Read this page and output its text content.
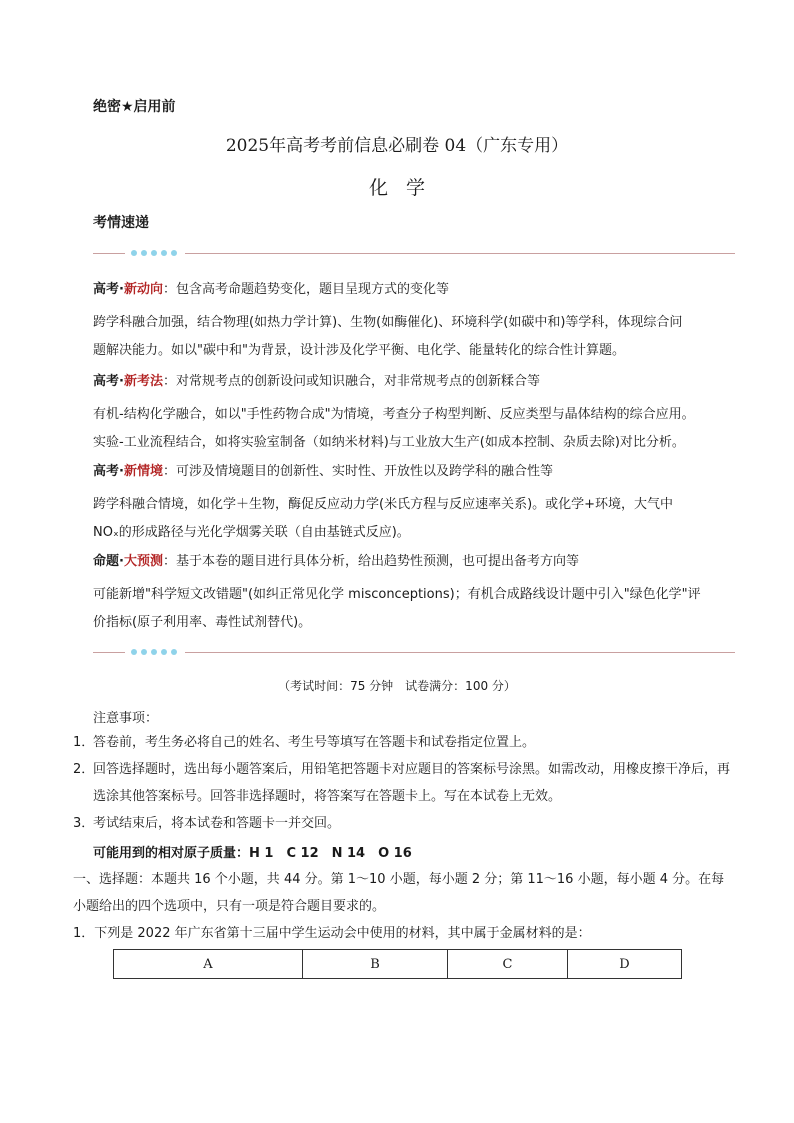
绝密★启用前
2025年高考考前信息必刷卷 04（广东专用）
化学
考情速递
高考·新动向：包含高考命题趋势变化，题目呈现方式的变化等
跨学科融合加强，结合物理(如热力学计算)、生物(如酶催化)、环境科学(如碳中和)等学科，体现综合问
题解决能力。如以"碳中和"为背景，设计涉及化学平衡、电化学、能量转化的综合性计算题。
高考·新考法：对常规考点的创新设问或知识融合，对非常规考点的创新糅合等
有机-结构化学融合，如以"手性药物合成"为情境，考查分子构型判断、反应类型与晶体结构的综合应用。
实验-工业流程结合，如将实验室制备（如纳米材料)与工业放大生产(如成本控制、杂质去除)对比分析。
高考·新情境：可涉及情境题目的创新性、实时性、开放性以及跨学科的融合性等
跨学科融合情境，如化学＋生物，酶促反应动力学(米氏方程与反应速率关系)。或化学+环境，大气中
NOₓ的形成路径与光化学烟雾关联（自由基链式反应)。
命题·大预测：基于本卷的题目进行具体分析，给出趋势性预测，也可提出备考方向等
可能新增"科学短文改错题"(如纠正常见化学 misconceptions)；有机合成路线设计题中引入"绿色化学"评
价指标(原子利用率、毒性试剂替代)。
（考试时间：75 分钟　试卷满分：100 分）
注意事项：
1．
答卷前，考生务必将自己的姓名、考生号等填写在答题卡和试卷指定位置上。
2．
回答选择题时，选出每小题答案后，用铅笔把答题卡对应题目的答案标号涂黑。如需改动，用橡皮擦干净后，再选涂其他答案标号。回答非选择题时，将答案写在答题卡上。写在本试卷上无效。
3．
考试结束后，将本试卷和答题卡一并交回。
可能用到的相对原子质量：H 1　C 12　N 14　O 16
一、选择题：本题共 16 个小题，共 44 分。第 1～10 小题，每小题 2 分；第 11～16 小题，每小题 4 分。在每小题给出的四个选项中，只有一项是符合题目要求的。
1．下列是 2022 年广东省第十三届中学生运动会中使用的材料，其中属于金属材料的是：
A	B	C	D
